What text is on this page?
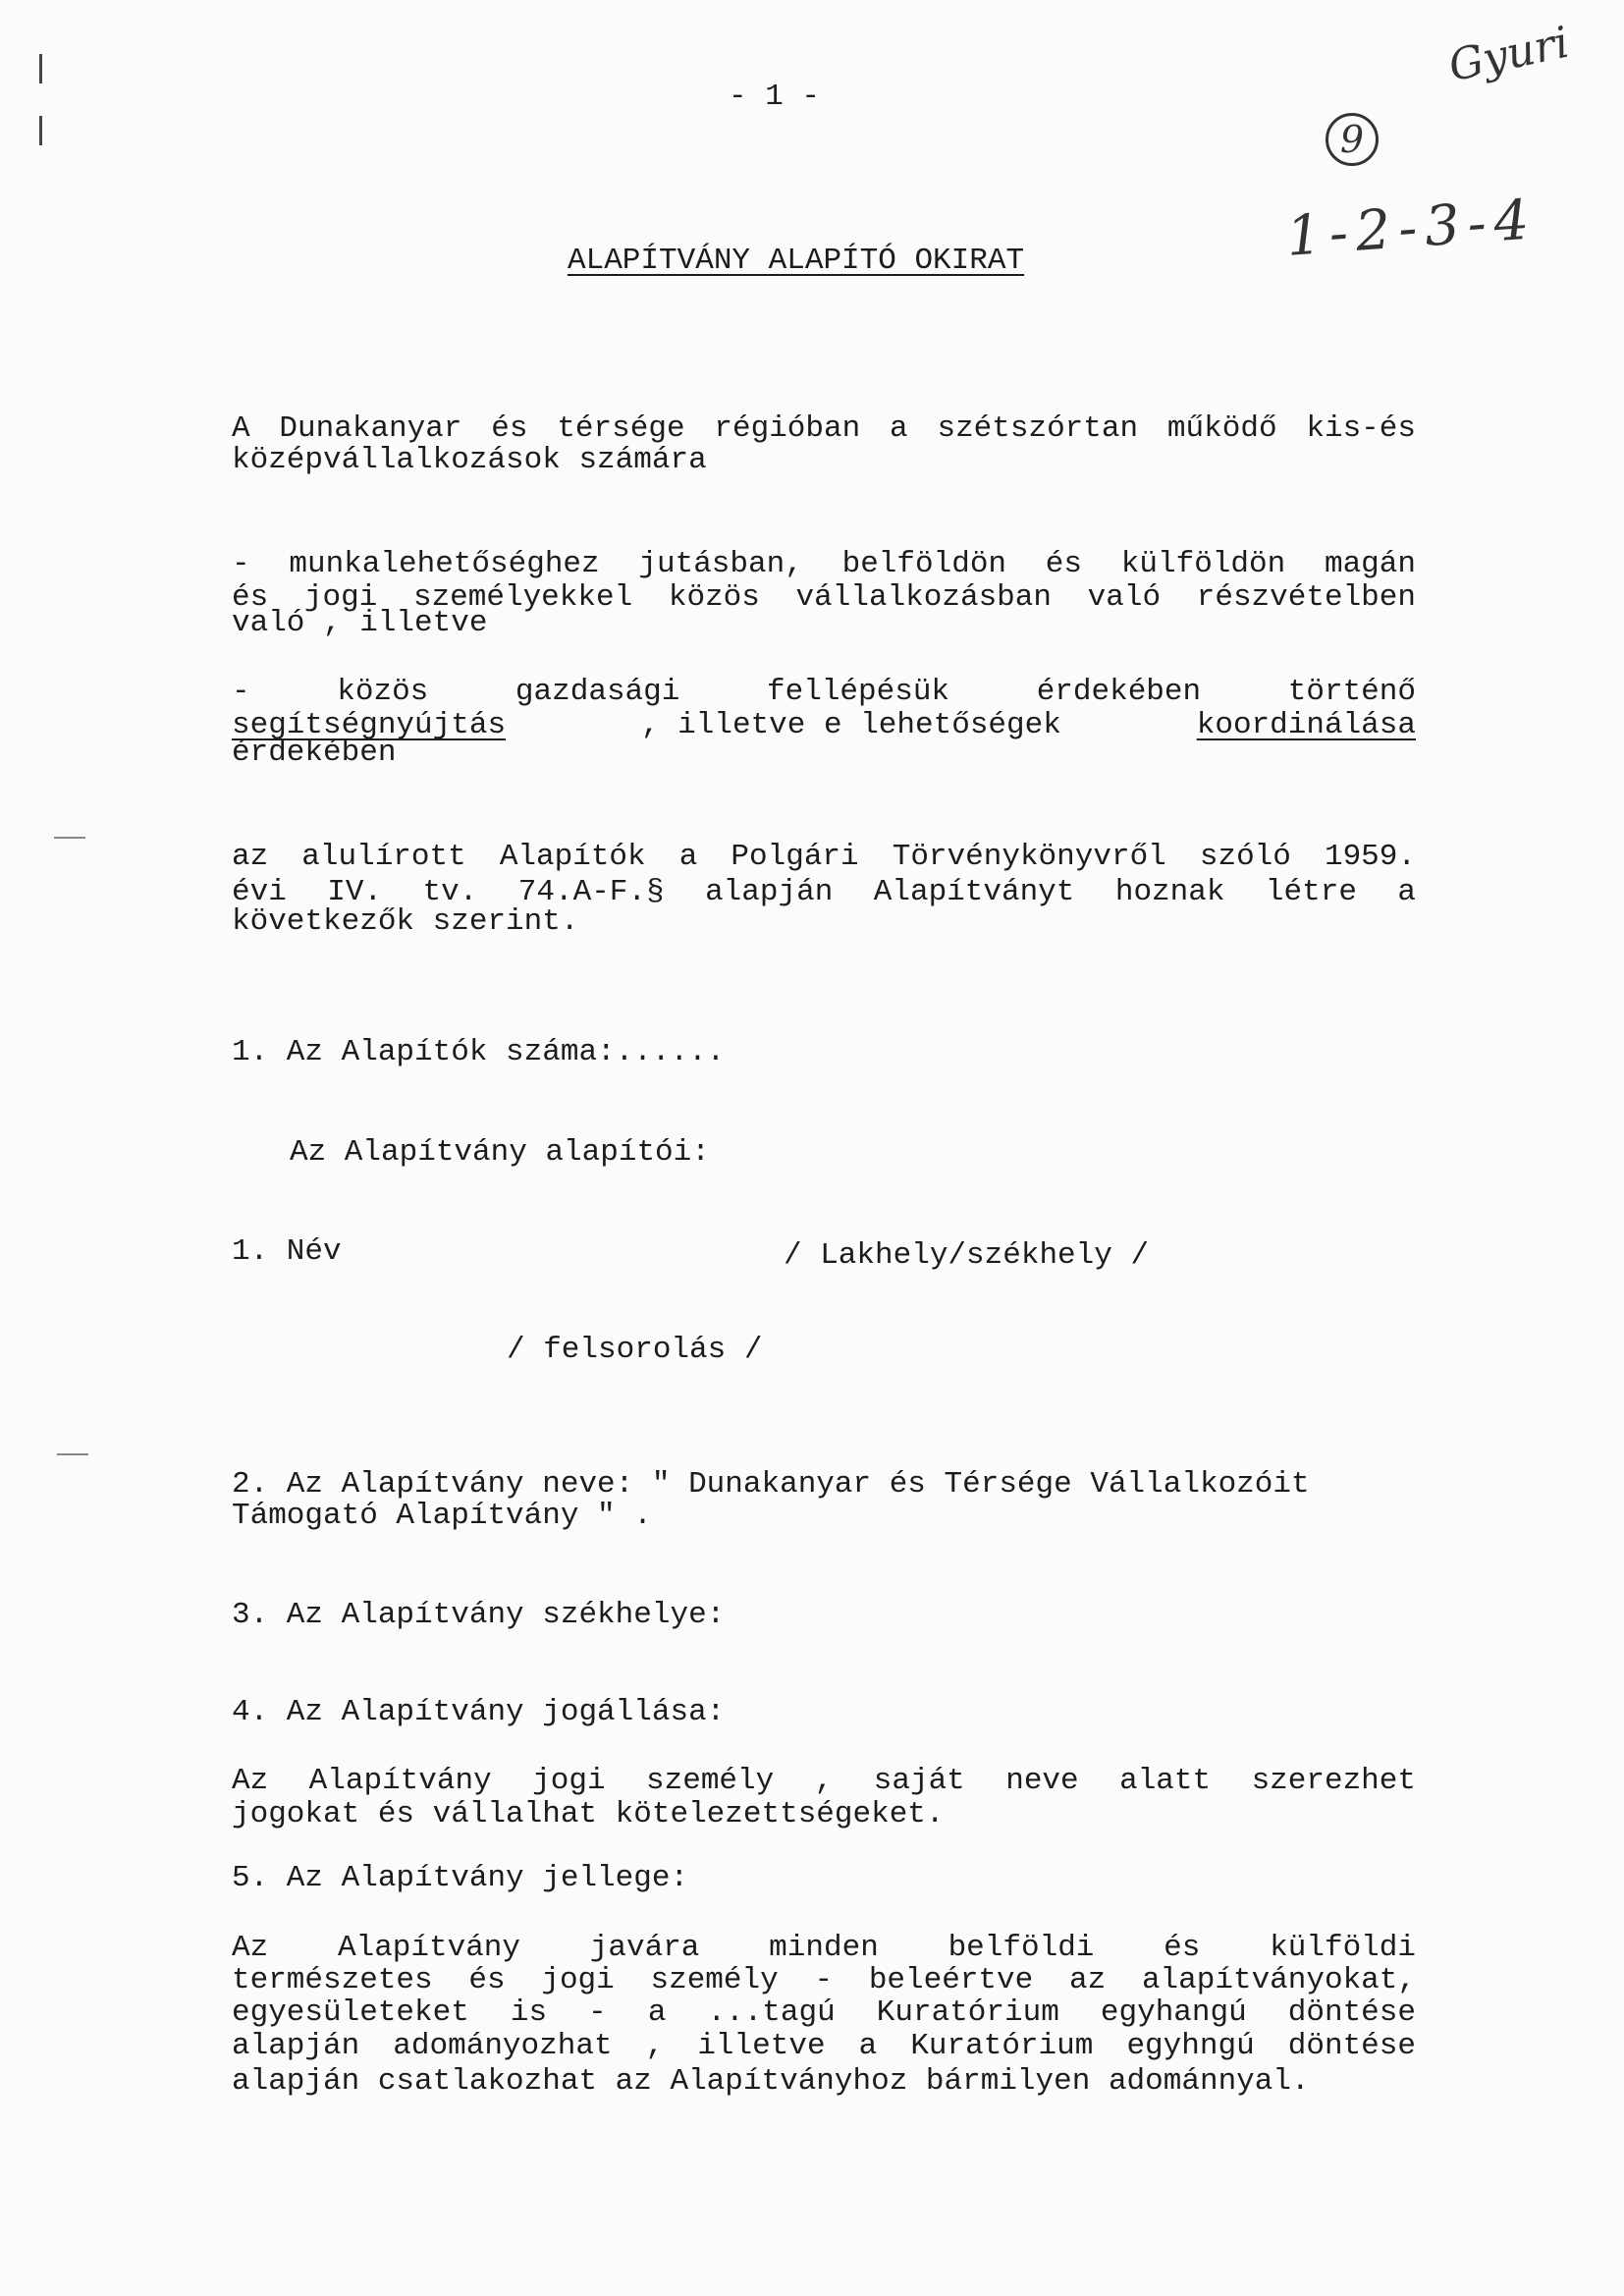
- 1 -
Gyuri
9
1-2-3-4
ALAPÍTVÁNY ALAPÍTÓ OKIRAT
A Dunakanyar és térsége régióban a szétszórtan működő kis-és
középvállalkozások számára
- munkalehetőséghez jutásban, belföldön és külföldön magán
és jogi személyekkel közös vállalkozásban való részvételben
való , illetve
- közös gazdasági fellépésük érdekében történő
segítségnyújtás	, illetve e lehetőségek	koordinálása
érdekében
az alulírott Alapítók a Polgári Törvénykönyvről szóló 1959.
évi IV. tv. 74.A-F.§ alapján Alapítványt hoznak létre a
következők szerint.
1. Az Alapítók száma:......
Az Alapítvány alapítói:
1. Név	/ Lakhely/székhely /
/ felsorolás /
2. Az Alapítvány neve: " Dunakanyar és Térsége Vállalkozóit
Támogató Alapítvány " .
3. Az Alapítvány székhelye:
4. Az Alapítvány jogállása:
Az Alapítvány jogi személy , saját neve alatt szerezhet
jogokat és vállalhat kötelezettségeket.
5. Az Alapítvány jellege:
Az Alapítvány javára minden belföldi és külföldi
természetes és jogi személy - beleértve az alapítványokat,
egyesületeket is - a ...tagú Kuratórium egyhangú döntése
alapján adományozhat , illetve a Kuratórium egyhngú döntése
alapján csatlakozhat az Alapítványhoz bármilyen adománnyal.
